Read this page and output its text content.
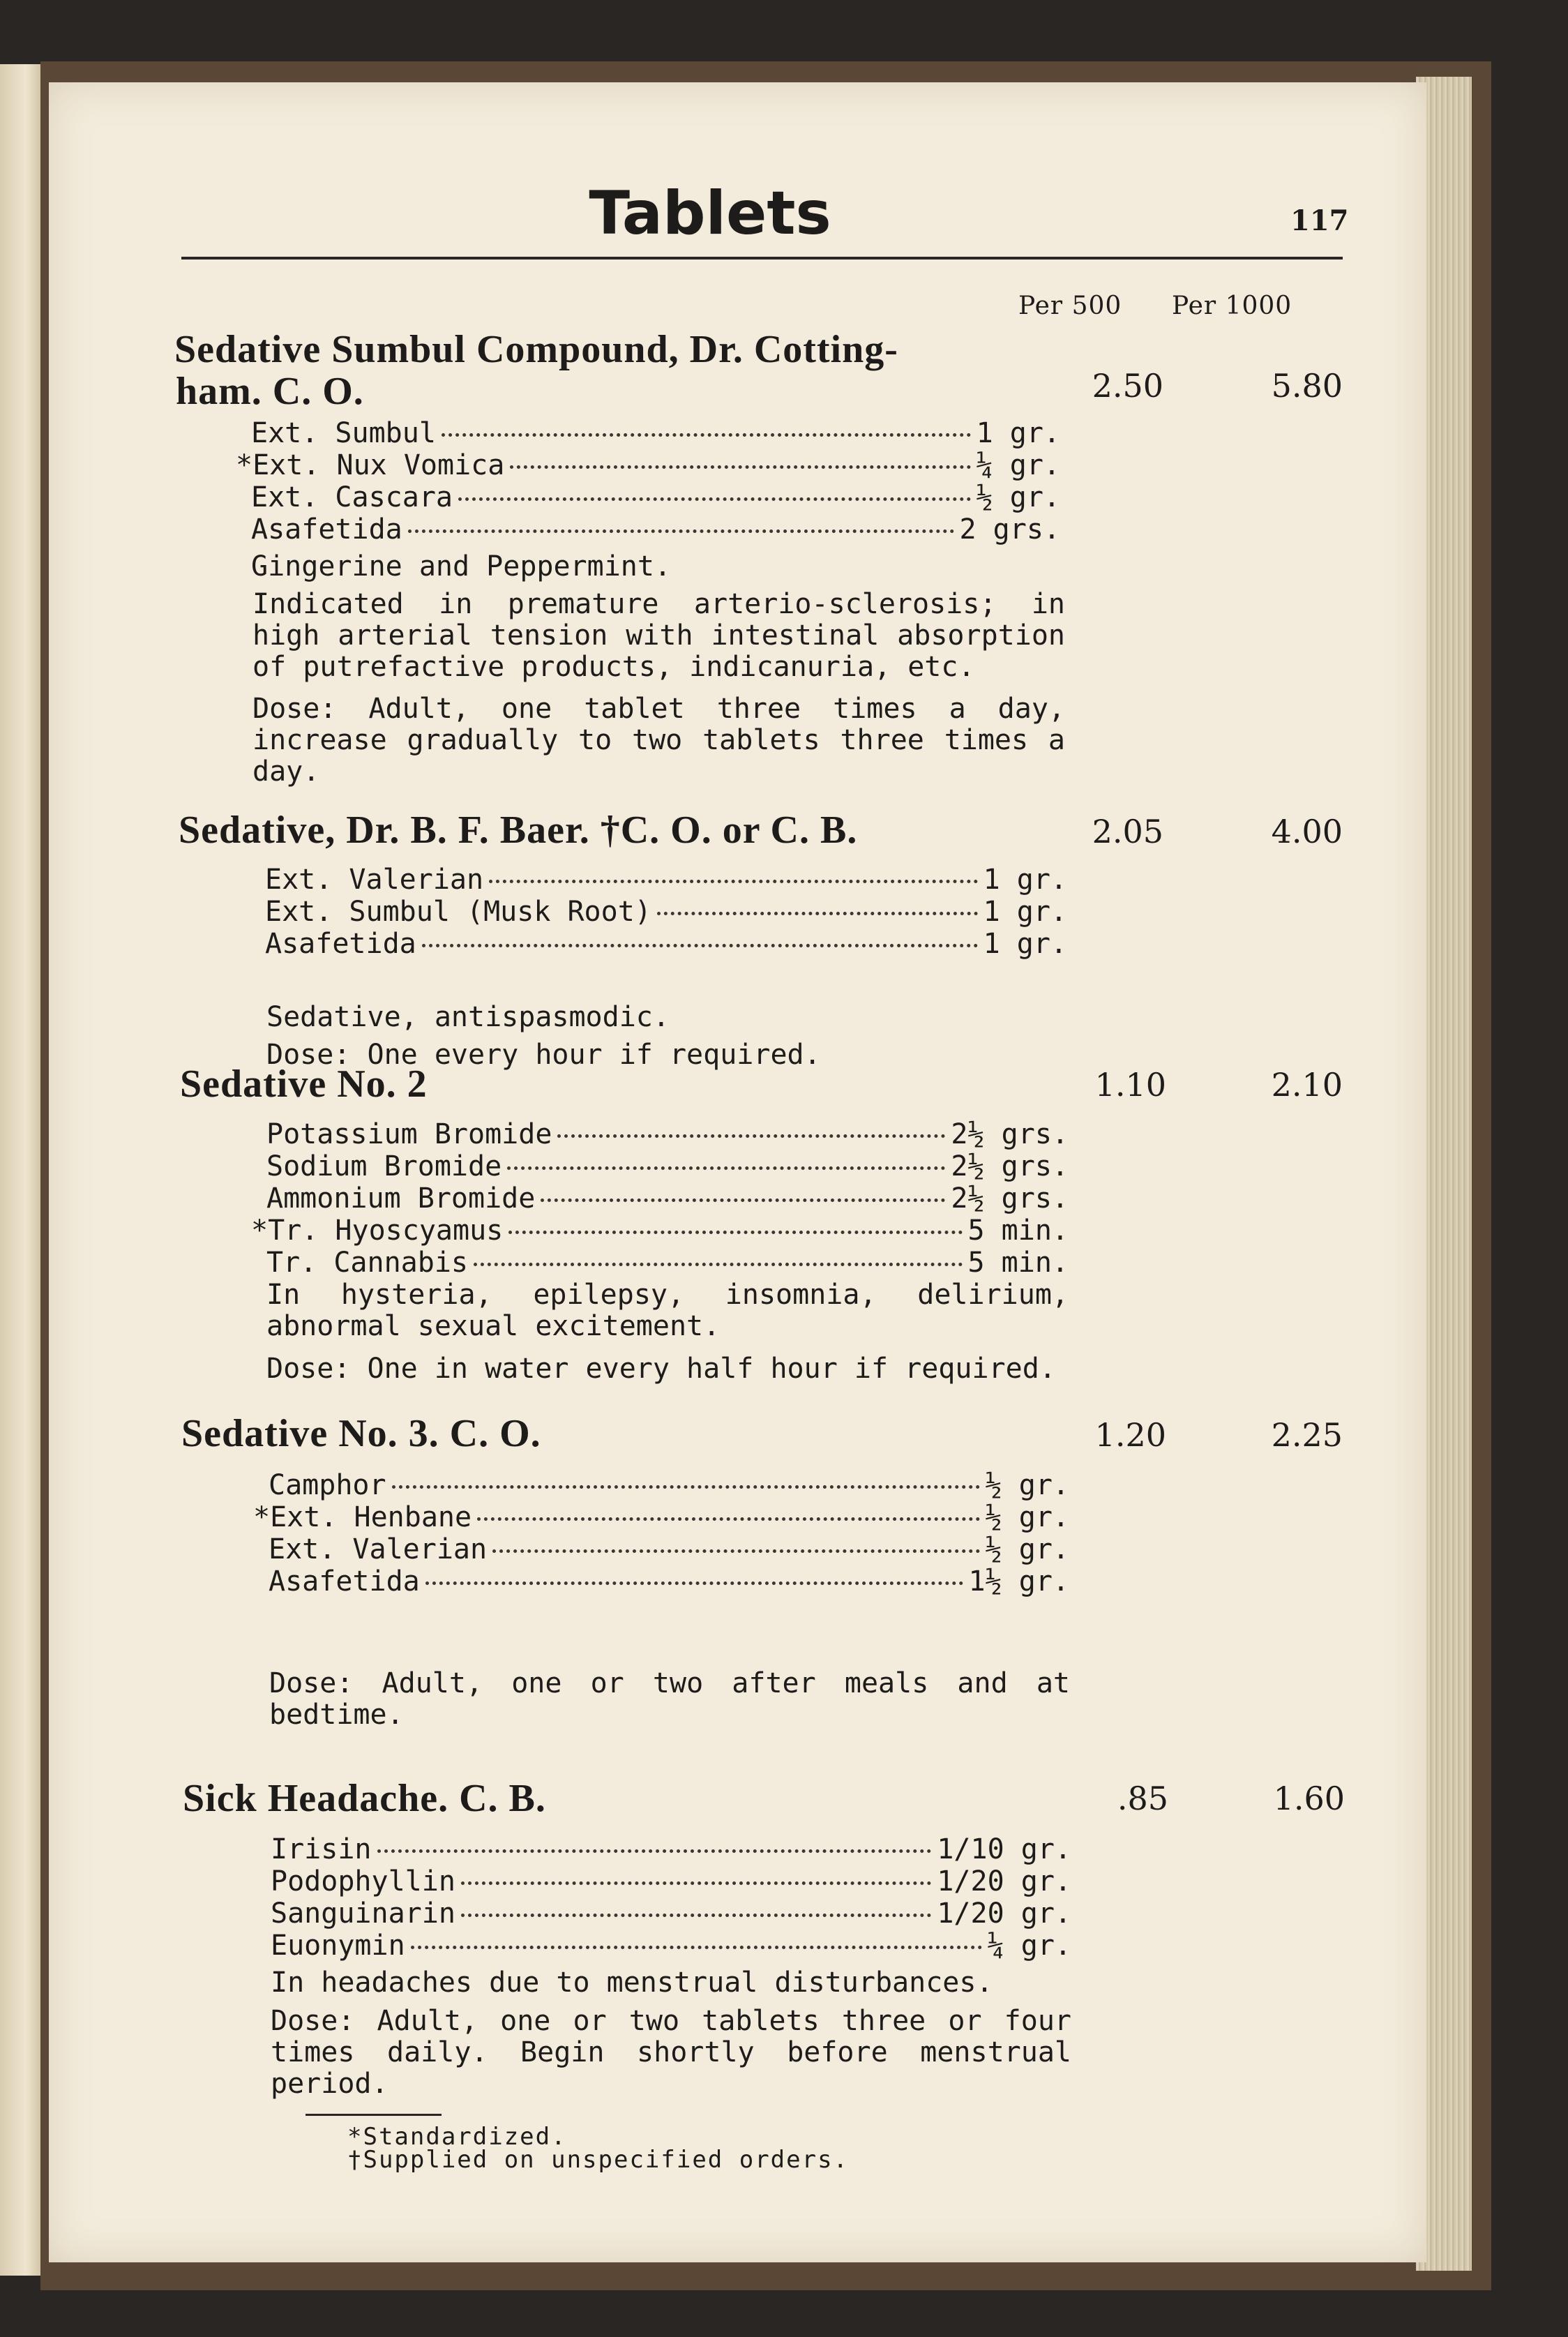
Tablets	117
Per 500 Per 1000
Sedative Sumbul Compound, Dr. Cotting-
ham. C. O.	2.50	5.80
Ext. Sumbul	1 gr.
*Ext. Nux Vomica	¼ gr.
Ext. Cascara	½ gr.
Asafetida	2 grs.
Gingerine and Peppermint.
Indicated in premature arterio-sclerosis; in high arterial tension with intestinal absorption of putrefactive products, indicanuria, etc.
Dose: Adult, one tablet three times a day, increase gradually to two tablets three times a day.
Sedative, Dr. B. F. Baer. †C. O. or C. B.	2.05	4.00
Ext. Valerian	1 gr.
Ext. Sumbul (Musk Root)	1 gr.
Asafetida	1 gr.
Sedative, antispasmodic.
Dose: One every hour if required.
Sedative No. 2	1.10	2.10
Potassium Bromide	2½ grs.
Sodium Bromide	2½ grs.
Ammonium Bromide	2½ grs.
*Tr. Hyoscyamus	5 min.
Tr. Cannabis	5 min.
In hysteria, epilepsy, insomnia, delirium, abnormal sexual excitement.
Dose: One in water every half hour if required.
Sedative No. 3. C. O.	1.20	2.25
Camphor	½ gr.
*Ext. Henbane	½ gr.
Ext. Valerian	½ gr.
Asafetida	1½ gr.
Dose: Adult, one or two after meals and at bedtime.
Sick Headache. C. B.	.85	1.60
Irisin	1/10 gr.
Podophyllin	1/20 gr.
Sanguinarin	1/20 gr.
Euonymin	¼ gr.
In headaches due to menstrual disturbances.
Dose: Adult, one or two tablets three or four times daily. Begin shortly before menstrual period.
*Standardized.
†Supplied on unspecified orders.
